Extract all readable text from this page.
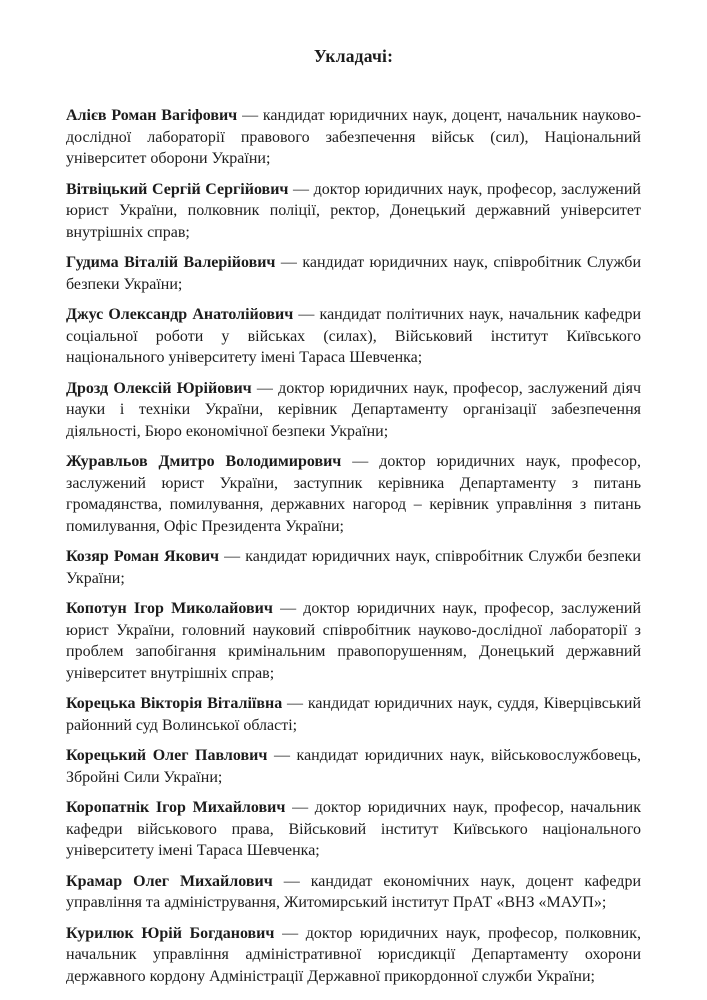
Укладачі:

Алієв Роман Вагіфович — кандидат юридичних наук, доцент, начальник науково-дослідної лабораторії правового забезпечення військ (сил), Національний університет оборони України;

Вітвіцький Сергій Сергійович — доктор юридичних наук, професор, заслужений юрист України, полковник поліції, ректор, Донецький державний університет внутрішніх справ;

Гудима Віталій Валерійович — кандидат юридичних наук, співробітник Служби безпеки України;

Джус Олександр Анатолійович — кандидат політичних наук, начальник кафедри соціальної роботи у військах (силах), Військовий інститут Київського національного університету імені Тараса Шевченка;

Дрозд Олексій Юрійович — доктор юридичних наук, професор, заслужений діяч науки і техніки України, керівник Департаменту організації забезпечення діяльності, Бюро економічної безпеки України;

Журавльов Дмитро Володимирович — доктор юридичних наук, професор, заслужений юрист України, заступник керівника Департаменту з питань громадянства, помилування, державних нагород – керівник управління з питань помилування, Офіс Президента України;

Козяр Роман Якович — кандидат юридичних наук, співробітник Служби безпеки України;

Копотун Ігор Миколайович — доктор юридичних наук, професор, заслужений юрист України, головний науковий співробітник науково-дослідної лабораторії з проблем запобігання кримінальним правопорушенням, Донецький державний університет внутрішніх справ;

Корецька Вікторія Віталіївна — кандидат юридичних наук, суддя, Ківерцівський районний суд Волинської області;

Корецький Олег Павлович — кандидат юридичних наук, військовослужбовець, Збройні Сили України;

Коропатнік Ігор Михайлович — доктор юридичних наук, професор, начальник кафедри військового права, Військовий інститут Київського національного університету імені Тараса Шевченка;

Крамар Олег Михайлович — кандидат економічних наук, доцент кафедри управління та адміністрування, Житомирський інститут ПрАТ «ВНЗ «МАУП»;

Курилюк Юрій Богданович — доктор юридичних наук, професор, полковник, начальник управління адміністративної юрисдикції Департаменту охорони державного кордону Адміністрації Державної прикордонної служби України;
